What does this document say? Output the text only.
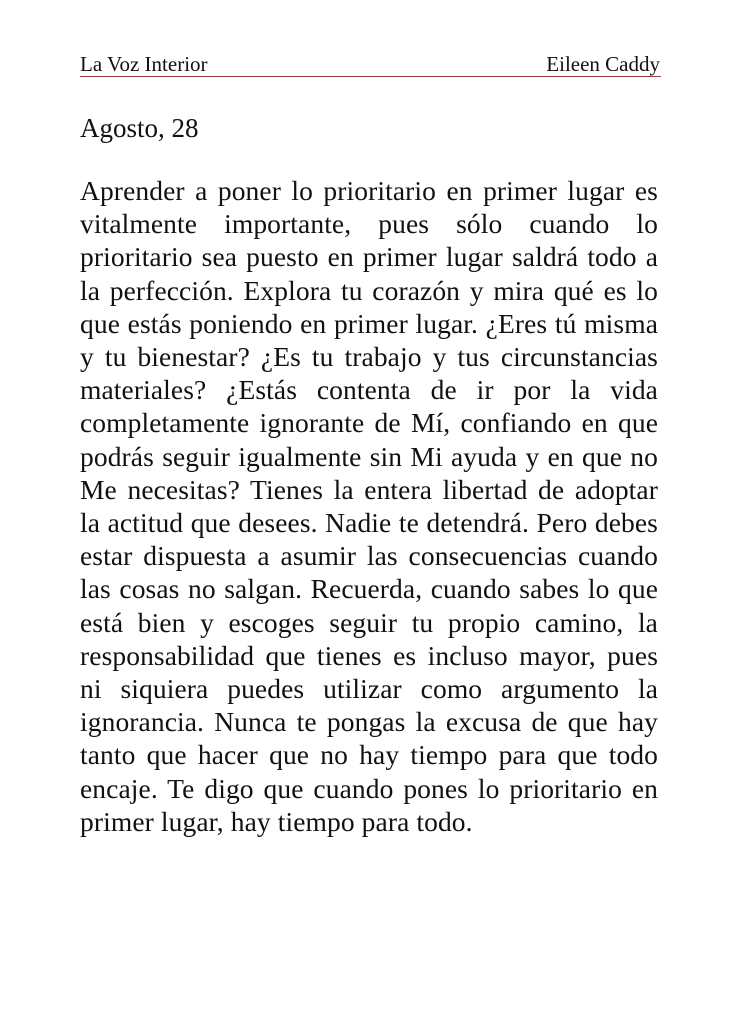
La Voz Interior	Eileen Caddy
Agosto, 28

Aprender a poner lo prioritario en primer lugar es vitalmente importante, pues sólo cuando lo prioritario sea puesto en primer lugar saldrá todo a la perfección. Explora tu corazón y mira qué es lo que estás poniendo en primer lugar. ¿Eres tú misma y tu bienestar? ¿Es tu trabajo y tus circunstancias materiales? ¿Estás contenta de ir por la vida completamente ignorante de Mí, confiando en que podrás seguir igualmente sin Mi ayuda y en que no Me necesitas? Tienes la entera libertad de adoptar la actitud que desees. Nadie te detendrá. Pero debes estar dispuesta a asumir las consecuencias cuando las cosas no salgan. Recuerda, cuando sabes lo que está bien y escoges seguir tu propio camino, la responsabilidad que tienes es incluso mayor, pues ni siquiera puedes utilizar como argumento la ignorancia. Nunca te pongas la excusa de que hay tanto que hacer que no hay tiempo para que todo encaje. Te digo que cuando pones lo prioritario en primer lugar, hay tiempo para todo.
